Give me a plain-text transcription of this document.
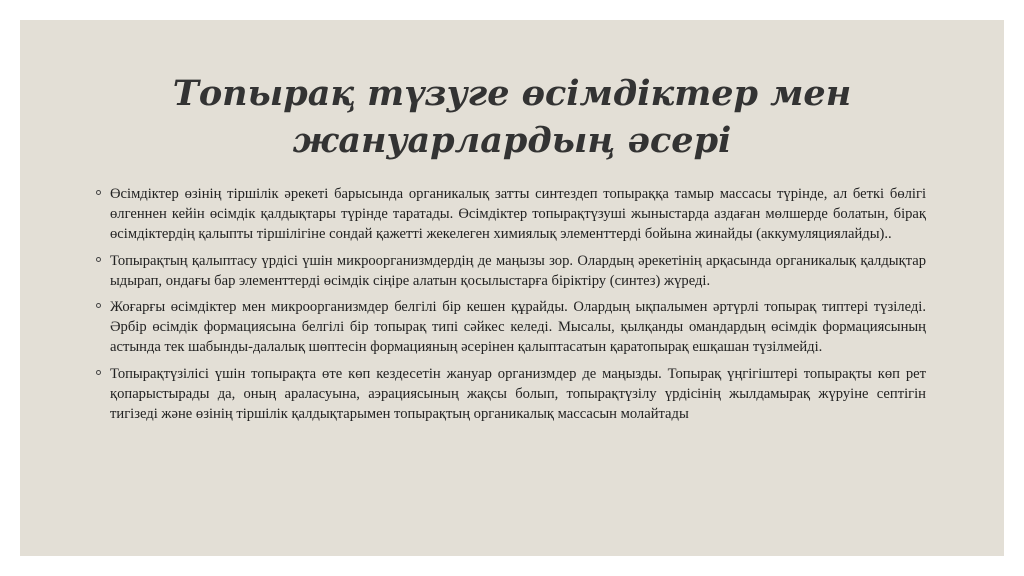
Топырақ түзуге өсімдіктер мен жануарлардың әсері
Өсімдіктер өзінің тіршілік әрекеті барысында органикалық затты синтездеп топыраққа тамыр массасы түрінде, ал беткі бөлігі өлгеннен кейін өсімдік қалдықтары түрінде таратады. Өсімдіктер топырақтүзуші жыныстарда аздаған мөлшерде болатын, бірақ өсімдіктердің қалыпты тіршілігіне сондай қажетті жекелеген химиялық элементтерді бойына жинайды (аккумуляциялайды)..
Топырақтың қалыптасу үрдісі үшін микроорганизмдердің де маңызы зор. Олардың әрекетінің арқасында органикалық қалдықтар ыдырап, ондағы бар элементтерді өсімдік сіңіре алатын қосылыстарға біріктіру (синтез) жүреді.
Жоғарғы өсімдіктер мен микроорганизмдер белгілі бір кешен құрайды. Олардың ықпалымен әртүрлі топырақ типтері түзіледі. Әрбір өсімдік формациясына белгілі бір топырақ типі сәйкес келеді. Мысалы, қылқанды омандардың өсімдік формациясының астында тек шабынды-далалық шөптесін формацияның әсерінен қалыптасатын қаратопырақ ешқашан түзілмейді.
Топырақтүзілісі үшін топырақта өте көп кездесетін жануар организмдер де маңызды. Топырақ үңгігіштері топырақты көп рет қопарыстырады да, оның араласуына, аэрациясының жақсы болып, топырақтүзілу үрдісінің жылдамырақ жүруіне септігін тигізеді және өзінің тіршілік қалдықтарымен топырақтың органикалық массасын молайтады
